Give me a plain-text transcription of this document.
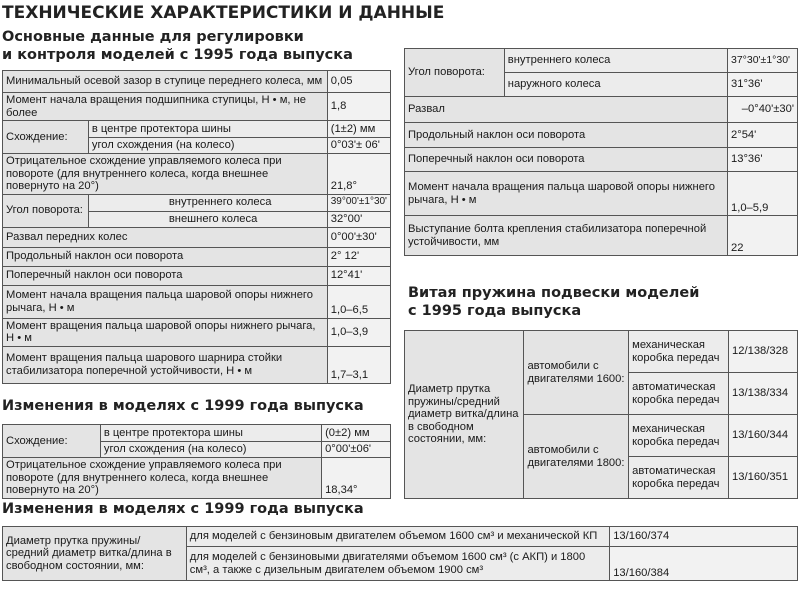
ТЕХНИЧЕСКИЕ ХАРАКТЕРИСТИКИ И ДАННЫЕ
Основные данные для регулировки
и контроля моделей с 1995 года выпуска
Минимальный осевой зазор в ступице переднего колеса, мм		0,05
Момент начала вращения подшипника ступицы, Н • м, не более		1,8
Схождение:	в центре протектора шины	(1±2) мм
	угол схождения (на колесо)	0°03'± 06'
Отрицательное схождение управляемого колеса при повороте (для внутреннего колеса, когда внешнее повернуто на 20°)		21,8°
Угол поворота:	внутреннего колеса	39°00'±1°30'
	внешнего колеса	32°00'
Развал передних колес		0°00'±30'
Продольный наклон оси поворота		2° 12'
Поперечный наклон оси поворота		12°41'
Момент начала вращения пальца шаровой опоры нижнего рычага, Н • м		1,0–6,5
Момент вращения пальца шаровой опоры нижнего рычага, Н • м		1,0–3,9
Момент вращения пальца шарового шарнира стойки стабилизатора поперечной устойчивости, Н • м		1,7–3,1
Изменения в моделях с 1999 года выпуска
Схождение:	в центре протектора шины	(0±2) мм
	угол схождения (на колесо)	0°00'±06'
Отрицательное схождение управляемого колеса при повороте (для внутреннего колеса, когда внешнее повернуто на 20°)		18,34°
Угол поворота:	внутреннего колеса	37°30'±1°30'
	наружного колеса	31°36'
Развал		–0°40'±30'
Продольный наклон оси поворота		2°54'
Поперечный наклон оси поворота		13°36'
Момент начала вращения пальца шаровой опоры нижнего рычага, Н • м		1,0–5,9
Выступание болта крепления стабилизатора поперечной устойчивости, мм		22
Витая пружина подвески моделей
с 1995 года выпуска
Диаметр прутка пружины/средний диаметр витка/длина в свободном состоянии, мм:	автомобили с двигателями 1600:	механическая коробка передач	12/138/328
		автоматическая коробка передач	13/138/334
	автомобили с двигателями 1800:	механическая коробка передач	13/160/344
		автоматическая коробка передач	13/160/351
Изменения в моделях с 1999 года выпуска
Диаметр прутка пружины/средний диаметр витка/длина в свободном состоянии, мм:	для моделей с бензиновым двигателем объемом 1600 см³ и механической КП	13/160/374
	для моделей с бензиновыми двигателями объемом 1600 см³ (с АКП) и 1800 см³, а также с дизельным двигателем объемом 1900 см³	13/160/384
